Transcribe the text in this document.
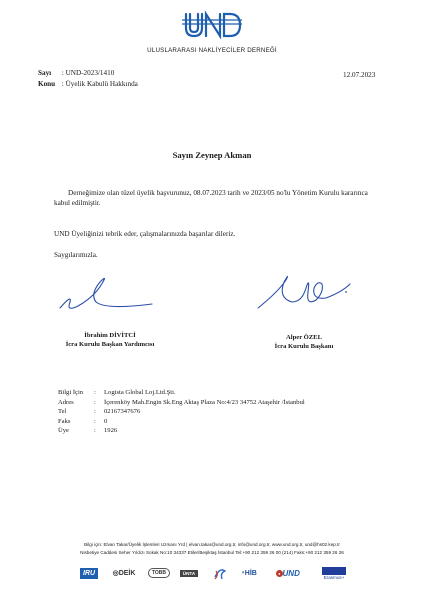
ULUSLARARASI NAKLİYECİLER DERNEĞİ
Sayı : UND-2023/1410
Konu : Üyelik Kabulü Hakkında
12.07.2023
Sayın Zeynep Akman
Derneğimize olan tüzel üyelik başvurunuz, 08.07.2023 tarih ve 2023/05 no'lu Yönetim Kurulu kararınca kabul edilmiştir.
UND Üyeliğinizi tebrik eder, çalışmalarınızda başarılar dileriz.
Saygılarımızla.
İbrahim DİVİTCİ
İcra Kurulu Başkan Yardımcısı
Alper ÖZEL
İcra Kurulu Başkanı
Bilgi İçin : Logista Global Loj.Ltd.Şti.
Adres	: İçerenköy Mah.Engin Sk.Eng Aktaş Plaza No:4/23 34752 Ataşehir /İstanbul
Tel	: 02167347676
Faks	: 0
Üye	: 1926
Bilgi için: Elvan Takar/Üyelik İşlemleri Uzmanı Yrd | elvan.takar@und.org.tr, info@und.org.tr, www.und.org.tr, und@hs02.kep.tr
Nisbetiye Caddesi Seher Yıldızı Sokak No:10 34337 Etiler/Beşiktaş İstanbul Tel:+90 212 359 26 00 (214) Faks:+90 212 359 26 26
IRU	◎ DEİK	TOBB	ÜNTA	◖ HİB	● UND	Erasmus+
